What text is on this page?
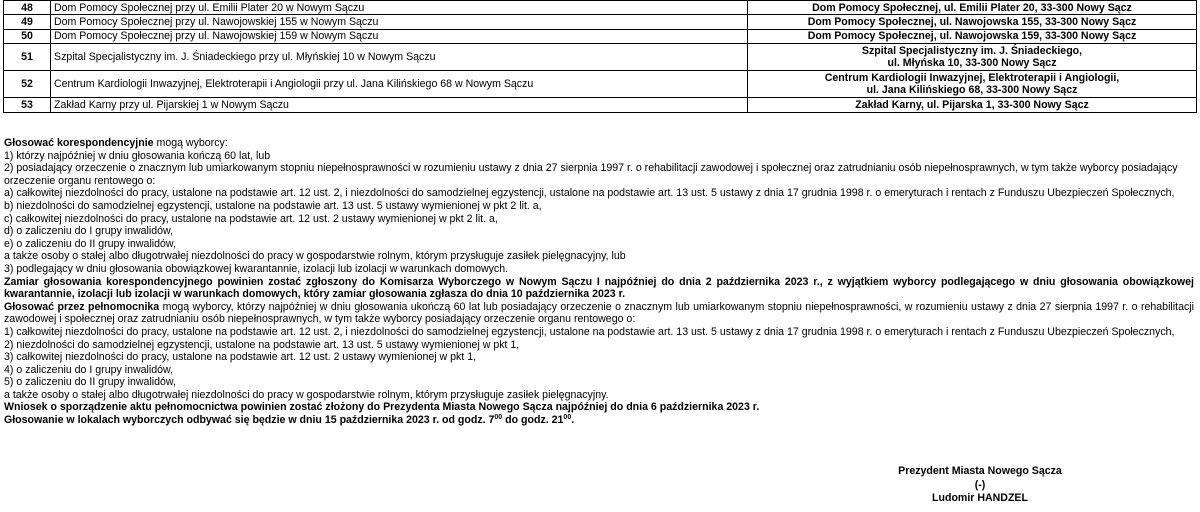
48	Dom Pomocy Społecznej przy ul. Emilii Plater 20 w Nowym Sączu	Dom Pomocy Społecznej, ul. Emilii Plater 20, 33-300 Nowy Sącz

49	Dom Pomocy Społecznej przy ul. Nawojowskiej 155 w Nowym Sączu	Dom Pomocy Społecznej, ul. Nawojowska 155, 33-300 Nowy Sącz

50	Dom Pomocy Społecznej przy ul. Nawojowskiej 159 w Nowym Sączu	Dom Pomocy Społecznej, ul. Nawojowska 159, 33-300 Nowy Sącz

51	Szpital Specjalistyczny im. J. Śniadeckiego przy ul. Młyńskiej 10 w Nowym Sączu	Szpital Specjalistyczny im. J. Śniadeckiego,
ul. Młyńska 10, 33-300 Nowy Sącz

52	Centrum Kardiologii Inwazyjnej, Elektroterapii i Angiologii przy ul. Jana Kilińskiego 68 w Nowym Sączu	Centrum Kardiologii Inwazyjnej, Elektroterapii i Angiologii,
ul. Jana Kilińskiego 68, 33-300 Nowy Sącz

53	Zakład Karny przy ul. Pijarskiej 1 w Nowym Sączu	Zakład Karny, ul. Pijarska 1, 33-300 Nowy Sącz

Głosować korespondencyjnie mogą wyborcy:

1) którzy najpóźniej w dniu głosowania kończą 60 lat, lub

2) posiadający orzeczenie o znacznym lub umiarkowanym stopniu niepełnosprawności w rozumieniu ustawy z dnia 27 sierpnia 1997 r. o rehabilitacji zawodowej i społecznej oraz zatrudnianiu osób niepełnosprawnych, w tym także wyborcy posiadający orzeczenie organu rentowego o:

a) całkowitej niezdolności do pracy, ustalone na podstawie art. 12 ust. 2, i niezdolności do samodzielnej egzystencji, ustalone na podstawie art. 13 ust. 5 ustawy z dnia 17 grudnia 1998 r. o emeryturach i rentach z Funduszu Ubezpieczeń Społecznych,

b) niezdolności do samodzielnej egzystencji, ustalone na podstawie art. 13 ust. 5 ustawy wymienionej w pkt 2 lit. a,

c) całkowitej niezdolności do pracy, ustalone na podstawie art. 12 ust. 2 ustawy wymienionej w pkt 2 lit. a,

d) o zaliczeniu do I grupy inwalidów,

e) o zaliczeniu do II grupy inwalidów,

a także osoby o stałej albo długotrwałej niezdolności do pracy w gospodarstwie rolnym, którym przysługuje zasiłek pielęgnacyjny, lub

3) podlegający w dniu głosowania obowiązkowej kwarantannie, izolacji lub izolacji w warunkach domowych.

Zamiar głosowania korespondencyjnego powinien zostać zgłoszony do Komisarza Wyborczego w Nowym Sączu I najpóźniej do dnia 2 października 2023 r., z wyjątkiem wyborcy podlegającego w dniu głosowania obowiązkowej kwarantannie, izolacji lub izolacji w warunkach domowych, który zamiar głosowania zgłasza do dnia 10 października 2023 r.

Głosować przez pełnomocnika mogą wyborcy, którzy najpóźniej w dniu głosowania ukończą 60 lat lub posiadający orzeczenie o znacznym lub umiarkowanym stopniu niepełnosprawności, w rozumieniu ustawy z dnia 27 sierpnia 1997 r. o rehabilitacji zawodowej i społecznej oraz zatrudnianiu osób niepełnosprawnych, w tym także wyborcy posiadający orzeczenie organu rentowego o:

1) całkowitej niezdolności do pracy, ustalone na podstawie art. 12 ust. 2, i niezdolności do samodzielnej egzystencji, ustalone na podstawie art. 13 ust. 5 ustawy z dnia 17 grudnia 1998 r. o emeryturach i rentach z Funduszu Ubezpieczeń Społecznych,

2) niezdolności do samodzielnej egzystencji, ustalone na podstawie art. 13 ust. 5 ustawy wymienionej w pkt 1,

3) całkowitej niezdolności do pracy, ustalone na podstawie art. 12 ust. 2 ustawy wymienionej w pkt 1,

4) o zaliczeniu do I grupy inwalidów,

5) o zaliczeniu do II grupy inwalidów,

a także osoby o stałej albo długotrwałej niezdolności do pracy w gospodarstwie rolnym, którym przysługuje zasiłek pielęgnacyjny.

Wniosek o sporządzenie aktu pełnomocnictwa powinien zostać złożony do Prezydenta Miasta Nowego Sącza najpóźniej do dnia 6 października 2023 r.

Głosowanie w lokalach wyborczych odbywać się będzie w dniu 15 października 2023 r. od godz. $7^{00}$ do godz. $21^{00}$.

Prezydent Miasta Nowego Sącza
(-)
Ludomir HANDZEL
